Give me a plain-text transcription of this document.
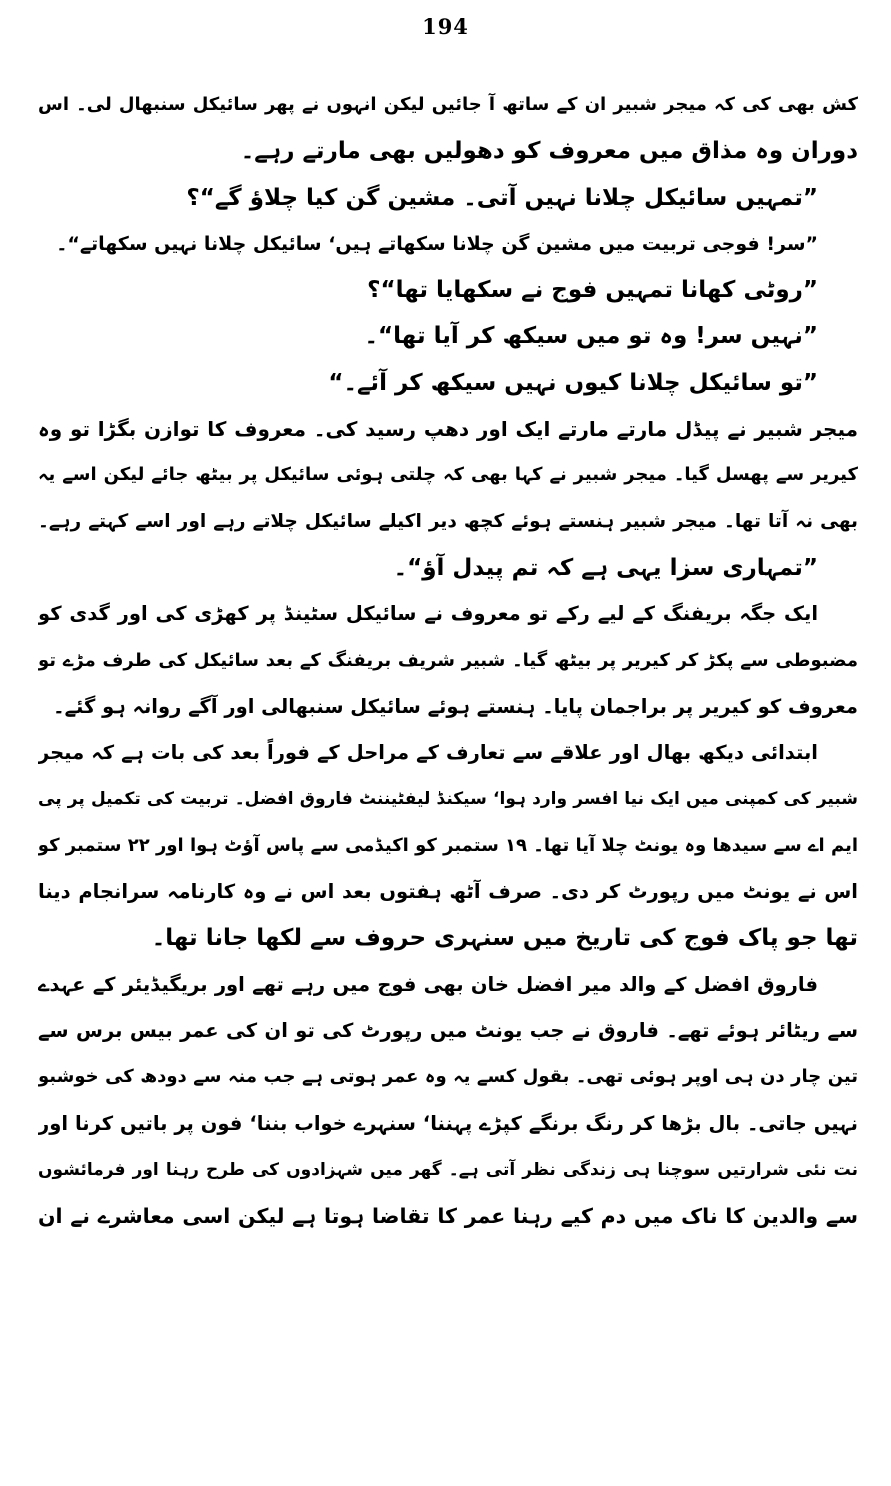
194
کش بھی کی کہ میجر شبیر ان کے ساتھ آ جائیں لیکن انہوں نے پھر سائیکل سنبھال لی۔ اس
دوران وہ مذاق میں معروف کو دھولیں بھی مارتے رہے۔
”تمہیں سائیکل چلانا نہیں آتی۔ مشین گن کیا چلاؤ گے“؟
”سر! فوجی تربیت میں مشین گن چلانا سکھاتے ہیں‘ سائیکل چلانا نہیں سکھاتے“۔
”روٹی کھانا تمہیں فوج نے سکھایا تھا“؟
”نہیں سر! وہ تو میں سیکھ کر آیا تھا“۔
”تو سائیکل چلانا کیوں نہیں سیکھ کر آئے۔“
میجر شبیر نے پیڈل مارتے مارتے ایک اور دھپ رسید کی۔ معروف کا توازن بگڑا تو وہ
کیریر سے پھسل گیا۔ میجر شبیر نے کہا بھی کہ چلتی ہوئی سائیکل پر بیٹھ جائے لیکن اسے یہ
بھی نہ آتا تھا۔ میجر شبیر ہنستے ہوئے کچھ دیر اکیلے سائیکل چلاتے رہے اور اسے کہتے رہے۔
”تمہاری سزا یہی ہے کہ تم پیدل آؤ“۔
ایک جگہ بریفنگ کے لیے رکے تو معروف نے سائیکل سٹینڈ پر کھڑی کی اور گدی کو
مضبوطی سے پکڑ کر کیریر پر بیٹھ گیا۔ شبیر شریف بریفنگ کے بعد سائیکل کی طرف مڑے تو
معروف کو کیریر پر براجمان پایا۔ ہنستے ہوئے سائیکل سنبھالی اور آگے روانہ ہو گئے۔
ابتدائی دیکھ بھال اور علاقے سے تعارف کے مراحل کے فوراً بعد کی بات ہے کہ میجر
شبیر کی کمپنی میں ایک نیا افسر وارد ہوا‘ سیکنڈ لیفٹیننٹ فاروق افضل۔ تربیت کی تکمیل پر پی
ایم اے سے سیدھا وہ یونٹ چلا آیا تھا۔ ۱۹ ستمبر کو اکیڈمی سے پاس آؤٹ ہوا اور ۲۲ ستمبر کو
اس نے یونٹ میں رپورٹ کر دی۔ صرف آٹھ ہفتوں بعد اس نے وہ کارنامہ سرانجام دینا
تھا جو پاک فوج کی تاریخ میں سنہری حروف سے لکھا جانا تھا۔
فاروق افضل کے والد میر افضل خان بھی فوج میں رہے تھے اور بریگیڈیئر کے عہدے
سے ریٹائر ہوئے تھے۔ فاروق نے جب یونٹ میں رپورٹ کی تو ان کی عمر بیس برس سے
تین چار دن ہی اوپر ہوئی تھی۔ بقول کسے یہ وہ عمر ہوتی ہے جب منہ سے دودھ کی خوشبو
نہیں جاتی۔ بال بڑھا کر رنگ برنگے کپڑے پہننا‘ سنہرے خواب بننا‘ فون پر باتیں کرنا اور
نت نئی شرارتیں سوچنا ہی زندگی نظر آتی ہے۔ گھر میں شہزادوں کی طرح رہنا اور فرمائشوں
سے والدین کا ناک میں دم کیے رہنا عمر کا تقاضا ہوتا ہے لیکن اسی معاشرے نے ان
